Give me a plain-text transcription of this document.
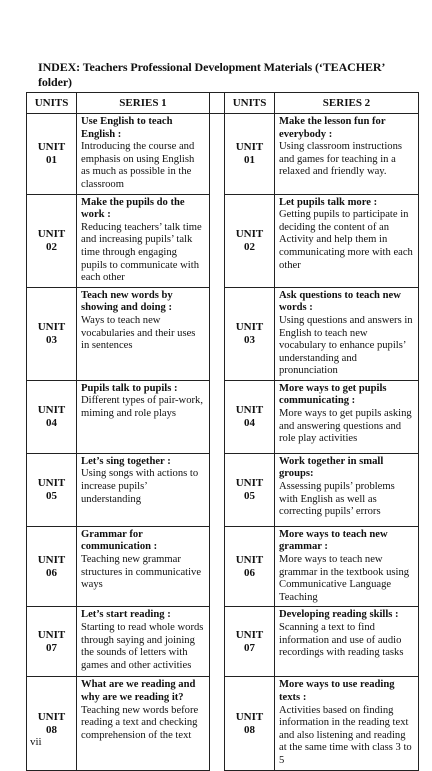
INDEX: Teachers Professional Development Materials (‘TEACHER’ folder)
UNITS	SERIES 1		UNITS	SERIES 2
UNIT
01	Use English to teach English :
Introducing the course and emphasis on using English as much as possible in the classroom		UNIT
01	Make the lesson fun for everybody :
Using classroom instructions and games for teaching in a relaxed and friendly way.

UNIT
02	Make the pupils do the work :
Reducing teachers’ talk time and increasing pupils’ talk time through engaging pupils to communicate with each other		UNIT
02	Let pupils talk more :
Getting pupils to participate in deciding the content of an Activity and help them in communicating more with each other

UNIT
03	Teach new words by showing and doing :
Ways to teach new vocabularies and their uses in sentences		UNIT
03	Ask questions to teach new words :
Using questions and answers in English to teach new vocabulary to enhance pupils’ understanding and pronunciation

UNIT
04	Pupils talk to pupils :
Different types of pair-work, miming and role plays		UNIT
04	More ways to get pupils communicating :
More ways to get pupils asking and answering questions and role play activities

UNIT
05	Let’s sing together :
Using songs with actions to increase pupils’ understanding		UNIT
05	Work together in small groups:
Assessing pupils’ problems with English as well as correcting pupils’ errors

UNIT
06	Grammar for communication :
Teaching new grammar structures in communicative ways		UNIT
06	More ways to teach new grammar :
More ways to teach new grammar in the textbook using Communicative Language Teaching

UNIT
07	Let’s start reading :
Starting to read whole words through saying and joining the sounds of letters with games and other activities		UNIT
07	Developing reading skills :
Scanning a text to find information and use of audio recordings with reading tasks

UNIT
08	What are we reading and why are we reading it?
Teaching new words before reading a text and checking comprehension of the text		UNIT
08	More ways to use reading texts :
Activities based on finding information in the reading text and also listening and reading at the same time with class 3 to 5
vii
